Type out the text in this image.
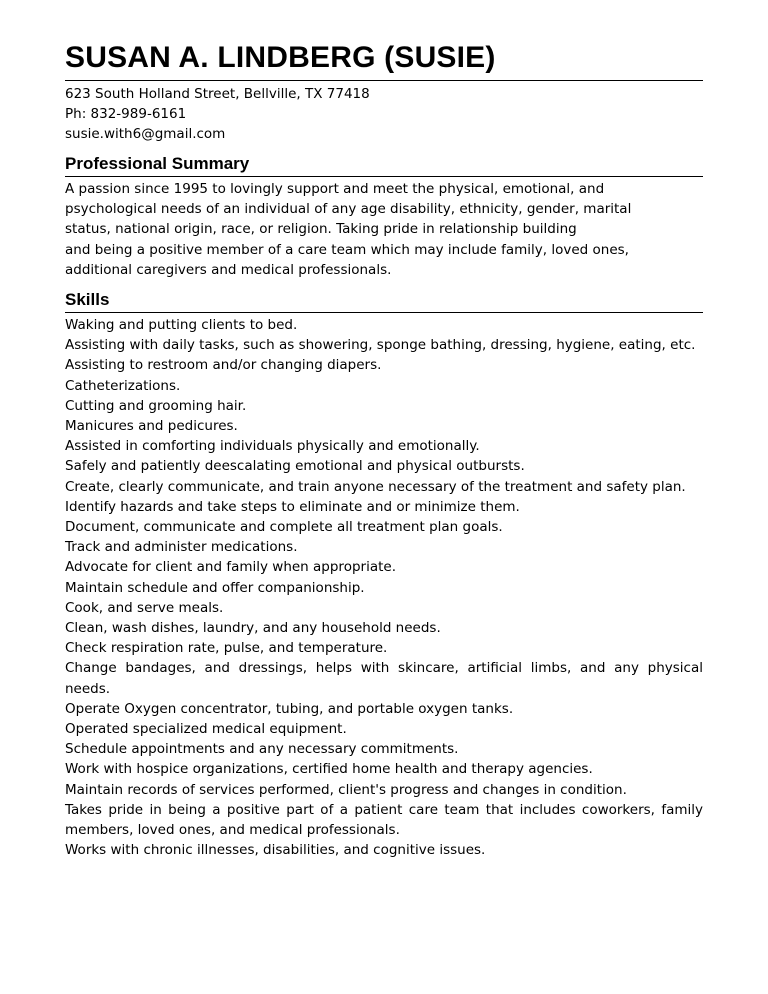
SUSAN A. LINDBERG (SUSIE)
623 South Holland Street, Bellville, TX 77418
Ph: 832-989-6161
susie.with6@gmail.com
Professional Summary
A passion since 1995 to lovingly support and meet the physical, emotional, and
psychological needs of an individual of any age disability, ethnicity, gender, marital
status, national origin, race, or religion. Taking pride in relationship building
and being a positive member of a care team which may include family, loved ones,
additional caregivers and medical professionals.
Skills
Waking and putting clients to bed.
Assisting with daily tasks, such as showering, sponge bathing, dressing, hygiene, eating, etc.
Assisting to restroom and/or changing diapers.
Catheterizations.
Cutting and grooming hair.
Manicures and pedicures.
Assisted in comforting individuals physically and emotionally.
Safely and patiently deescalating emotional and physical outbursts.
Create, clearly communicate, and train anyone necessary of the treatment and safety plan.
Identify hazards and take steps to eliminate and or minimize them.
Document, communicate and complete all treatment plan goals.
Track and administer medications.
Advocate for client and family when appropriate.
Maintain schedule and offer companionship.
Cook, and serve meals.
Clean, wash dishes, laundry, and any household needs.
Check respiration rate, pulse, and temperature.
Change bandages, and dressings, helps with skincare, artificial limbs, and any physical needs.
Operate Oxygen concentrator, tubing, and portable oxygen tanks.
Operated specialized medical equipment.
Schedule appointments and any necessary commitments.
Work with hospice organizations, certified home health and therapy agencies.
Maintain records of services performed, client's progress and changes in condition.
Takes pride in being a positive part of a patient care team that includes coworkers, family members, loved ones, and medical professionals.
Works with chronic illnesses, disabilities, and cognitive issues.
